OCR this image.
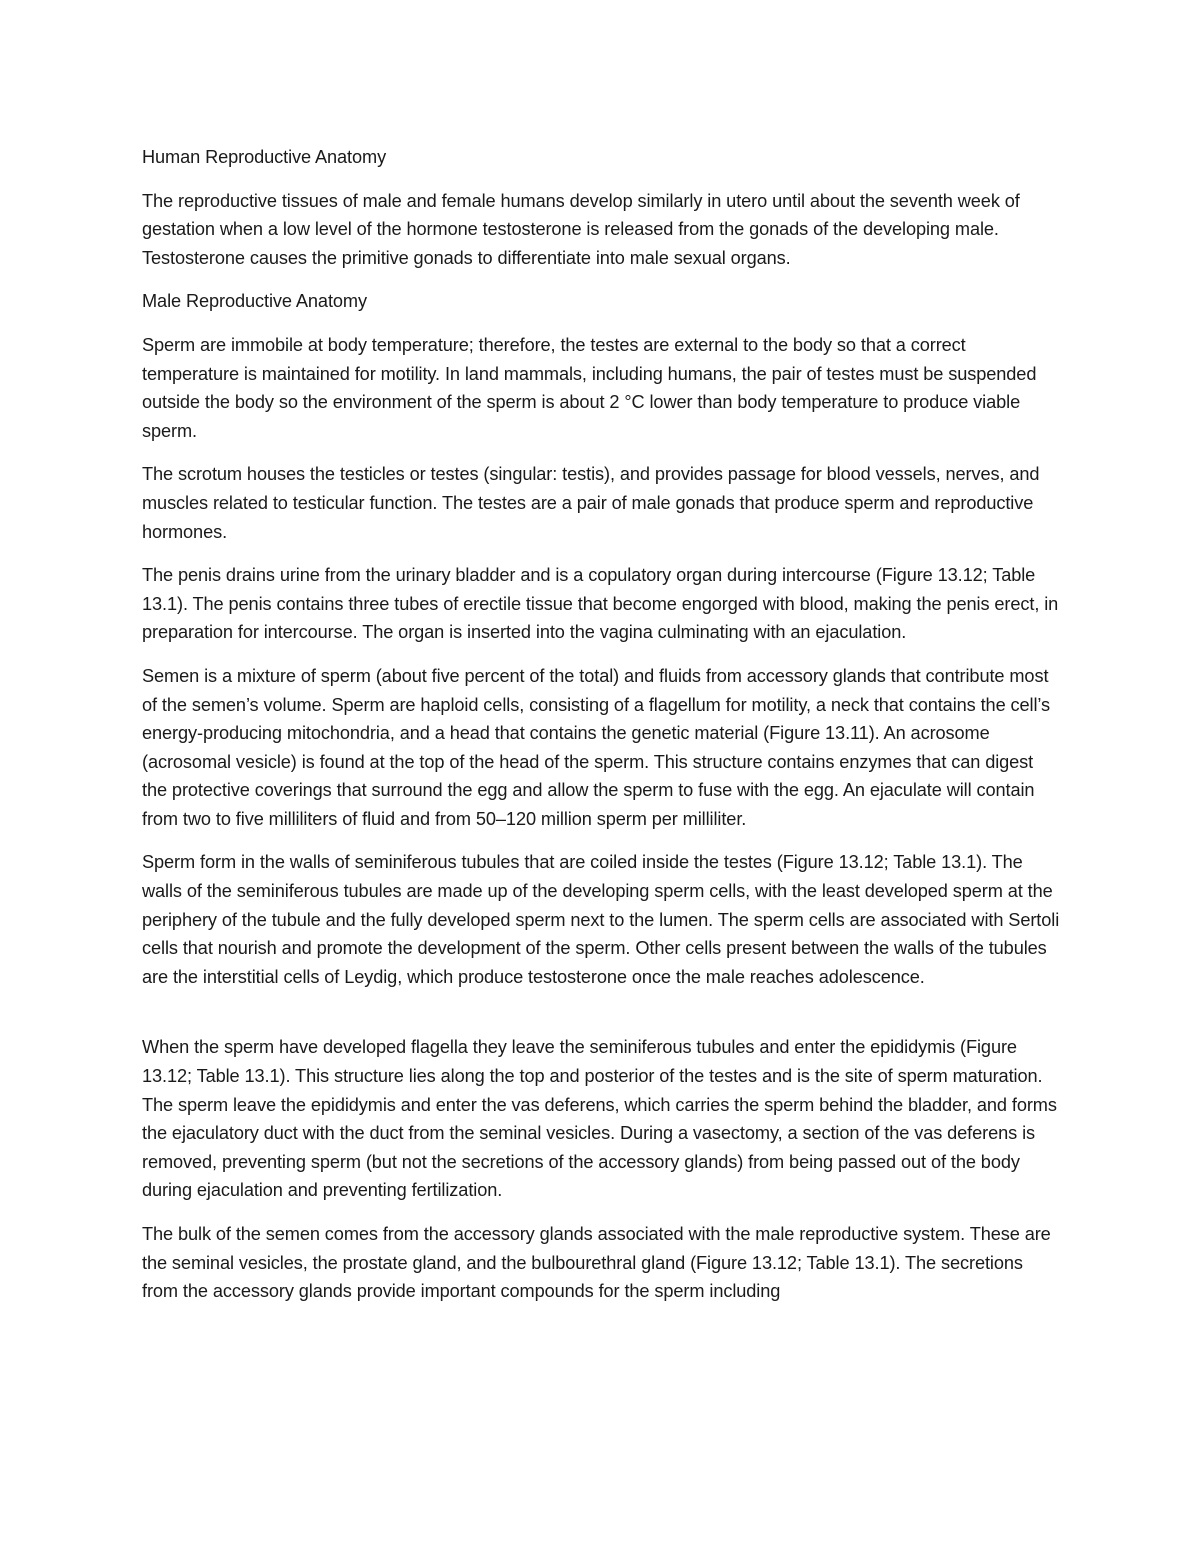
Human Reproductive Anatomy

The reproductive tissues of male and female humans develop similarly in utero until about the seventh week of gestation when a low level of the hormone testosterone is released from the gonads of the developing male. Testosterone causes the primitive gonads to differentiate into male sexual organs.

Male Reproductive Anatomy

Sperm are immobile at body temperature; therefore, the testes are external to the body so that a correct temperature is maintained for motility. In land mammals, including humans, the pair of testes must be suspended outside the body so the environment of the sperm is about 2 °C lower than body temperature to produce viable sperm.

The scrotum houses the testicles or testes (singular: testis), and provides passage for blood vessels, nerves, and muscles related to testicular function. The testes are a pair of male gonads that produce sperm and reproductive hormones.

The penis drains urine from the urinary bladder and is a copulatory organ during intercourse (Figure 13.12; Table 13.1). The penis contains three tubes of erectile tissue that become engorged with blood, making the penis erect, in preparation for intercourse. The organ is inserted into the vagina culminating with an ejaculation.

Semen is a mixture of sperm (about five percent of the total) and fluids from accessory glands that contribute most of the semen’s volume. Sperm are haploid cells, consisting of a flagellum for motility, a neck that contains the cell’s energy-producing mitochondria, and a head that contains the genetic material (Figure 13.11). An acrosome (acrosomal vesicle) is found at the top of the head of the sperm. This structure contains enzymes that can digest the protective coverings that surround the egg and allow the sperm to fuse with the egg. An ejaculate will contain from two to five milliliters of fluid and from 50–120 million sperm per milliliter.

Sperm form in the walls of seminiferous tubules that are coiled inside the testes (Figure 13.12; Table 13.1). The walls of the seminiferous tubules are made up of the developing sperm cells, with the least developed sperm at the periphery of the tubule and the fully developed sperm next to the lumen. The sperm cells are associated with Sertoli cells that nourish and promote the development of the sperm. Other cells present between the walls of the tubules are the interstitial cells of Leydig, which produce testosterone once the male reaches adolescence.

When the sperm have developed flagella they leave the seminiferous tubules and enter the epididymis (Figure 13.12; Table 13.1). This structure lies along the top and posterior of the testes and is the site of sperm maturation. The sperm leave the epididymis and enter the vas deferens, which carries the sperm behind the bladder, and forms the ejaculatory duct with the duct from the seminal vesicles. During a vasectomy, a section of the vas deferens is removed, preventing sperm (but not the secretions of the accessory glands) from being passed out of the body during ejaculation and preventing fertilization.

The bulk of the semen comes from the accessory glands associated with the male reproductive system. These are the seminal vesicles, the prostate gland, and the bulbourethral gland (Figure 13.12; Table 13.1). The secretions from the accessory glands provide important compounds for the sperm including
